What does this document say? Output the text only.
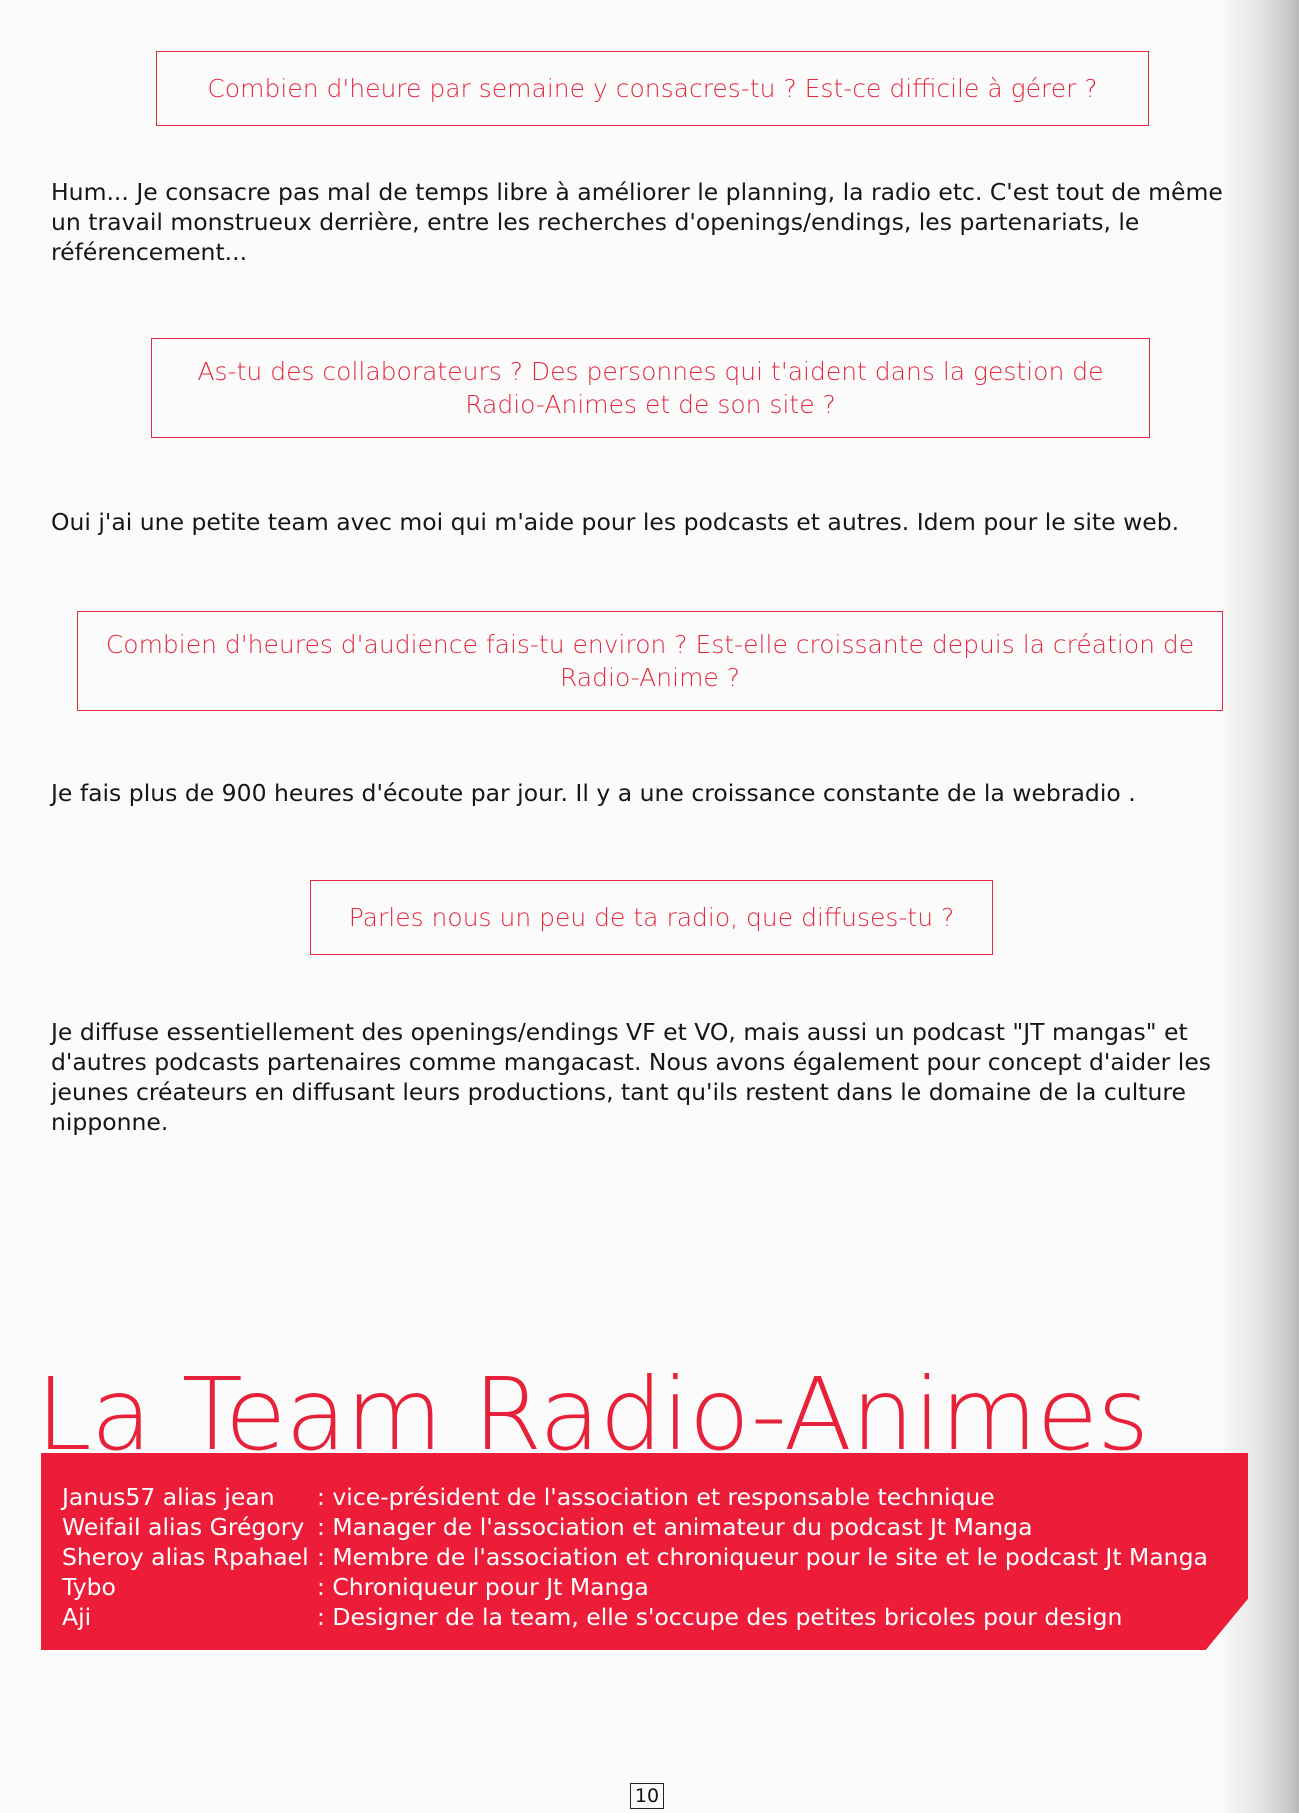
Combien d'heure par semaine y consacres-tu ? Est-ce difficile à gérer ?
Hum... Je consacre pas mal de temps libre à améliorer le planning, la radio etc. C'est tout de même un travail monstrueux derrière, entre les recherches d'openings/endings, les partenariats, le référencement...
As-tu des collaborateurs ? Des personnes qui t'aident dans la gestion de Radio-Animes et de son site ?
Oui j'ai une petite team avec moi qui m'aide pour les podcasts et autres. Idem pour le site web.
Combien d'heures d'audience fais-tu environ ? Est-elle croissante depuis la création de Radio-Anime ?
Je fais plus de 900 heures d'écoute par jour. Il y a une croissance constante de la webradio .
Parles nous un peu de ta radio, que diffuses-tu ?
Je diffuse essentiellement des openings/endings VF et VO, mais aussi un podcast "JT mangas" et d'autres podcasts partenaires comme mangacast. Nous avons également pour concept d'aider les jeunes créateurs en diffusant leurs productions, tant qu'ils restent dans le domaine de la culture nipponne.
La Team Radio-Animes
Janus57 alias jean : vice-président de l'association et responsable technique
Weifail alias Grégory : Manager de l'association et animateur du podcast Jt Manga
Sheroy alias Rpahael : Membre de l'association et chroniqueur pour le site et le podcast Jt Manga
Tybo	: Chroniqueur pour Jt Manga
Aji	: Designer de la team, elle s'occupe des petites bricoles pour design
10
